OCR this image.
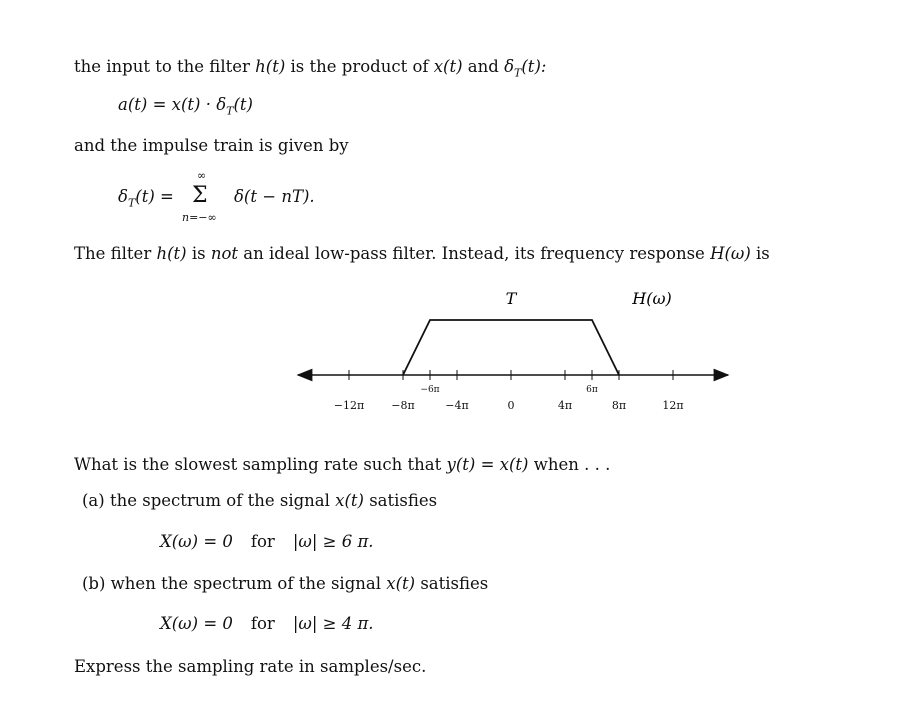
the input to the filter h(t) is the product of x(t) and $\delta_T(t)$:
$a(t) = x(t) \cdot \delta_T(t)$
and the impulse train is given by
$\delta_T(t)$ =
∞
Σ
n=−∞
δ(t − nT).
The filter h(t) is not an ideal low-pass filter. Instead, its frequency response H(ω) is
−12π −8π
−6π
−4π	0	4π
6π
8π	12π
T	H(ω)
What is the slowest sampling rate such that y(t) = x(t) when . . .
(a) the spectrum of the signal x(t) satisfies
X(ω) = 0 for |ω| ≥ 6 π.
(b) when the spectrum of the signal x(t) satisfies
X(ω) = 0 for |ω| ≥ 4 π.
Express the sampling rate in samples/sec.
